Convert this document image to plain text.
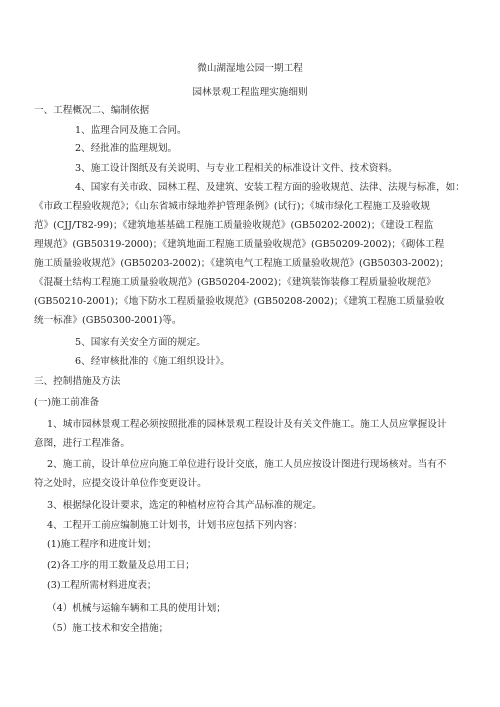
微山湖湿地公园一期工程
园林景观工程监理实施细则
一、工程概况二、编制依据
1、监理合同及施工合同。
2、经批准的监理规划。
3、施工设计图纸及有关说明、与专业工程相关的标准设计文件、技术资料。
4、国家有关市政、园林工程、及建筑、安装工程方面的验收规范、法律、法规与标准，如：
《市政工程验收规范》；《山东省城市绿地养护管理条例》(试行)；《城市绿化工程施工及验收规
范》(CJJ/T82-99)；《建筑地基基础工程施工质量验收规范》(GB50202-2002)；《建设工程监
理规范》(GB50319-2000)；《建筑地面工程施工质量验收规范》(GB50209-2002)；《砌体工程
施工质量验收规范》(GB50203-2002)；《建筑电气工程施工质量验收规范》(GB50303-2002)；
《混凝土结构工程施工质量验收规范》(GB50204-2002)；《建筑装饰装修工程质量验收规范》
(GB50210-2001)；《地下防水工程质量验收规范》(GB50208-2002)；《建筑工程施工质量验收
统一标准》(GB50300-2001)等。
5、国家有关安全方面的规定。
6、经审核批准的《施工组织设计》。
三、控制措施及方法
(一)施工前准备
1、城市园林景观工程必须按照批准的园林景观工程设计及有关文件施工。施工人员应掌握设计
意图，进行工程准备。
2、施工前，设计单位应向施工单位进行设计交底，施工人员应按设计图进行现场核对。当有不
符之处时，应提交设计单位作变更设计。
3、根据绿化设计要求，选定的种植材应符合其产品标准的规定。
4、工程开工前应编制施工计划书，计划书应包括下列内容：
(1)施工程序和进度计划；
(2)各工序的用工数量及总用工日；
(3)工程所需材料进度表；
（4）机械与运输车辆和工具的使用计划；
（5）施工技术和安全措施；
